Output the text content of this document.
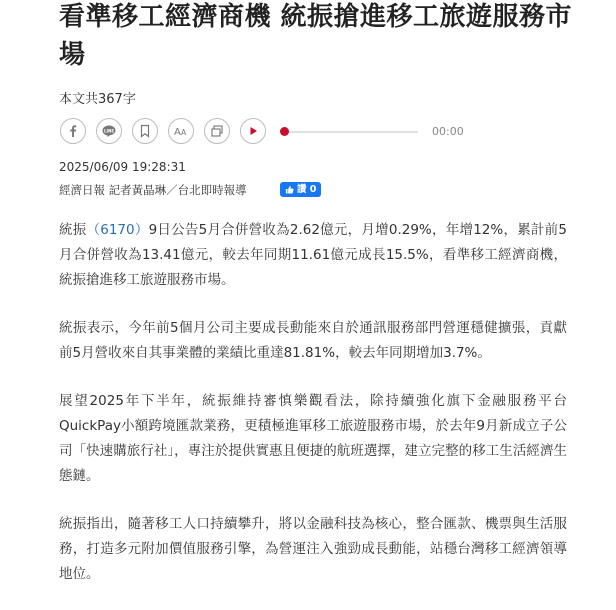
看準移工經濟商機 統振搶進移工旅遊服務市場
本文共367字
LINE	A A	00:00
2025/06/09 19:28:31
經濟日報 記者黃晶琳／台北即時報導	讚 0

統振（6170）9日公告5月合併營收為2.62億元，月增0.29%，年增12%，累計前5月合併營收為13.41億元，較去年同期11.61億元成長15.5%，看準移工經濟商機，統振搶進移工旅遊服務市場。

統振表示，今年前5個月公司主要成長動能來自於通訊服務部門營運穩健擴張，貢獻前5月營收來自其事業體的業績比重達81.81%，較去年同期增加3.7%。

展望2025年下半年，統振維持審慎樂觀看法，除持續強化旗下金融服務平台QuickPay小額跨境匯款業務，更積極進軍移工旅遊服務市場，於去年9月新成立子公司「快速購旅行社」，專注於提供實惠且便捷的航班選擇，建立完整的移工生活經濟生態鏈。

統振指出，隨著移工人口持續攀升，將以金融科技為核心，整合匯款、機票與生活服務，打造多元附加價值服務引擎，為營運注入強勁成長動能，站穩台灣移工經濟領導地位。
